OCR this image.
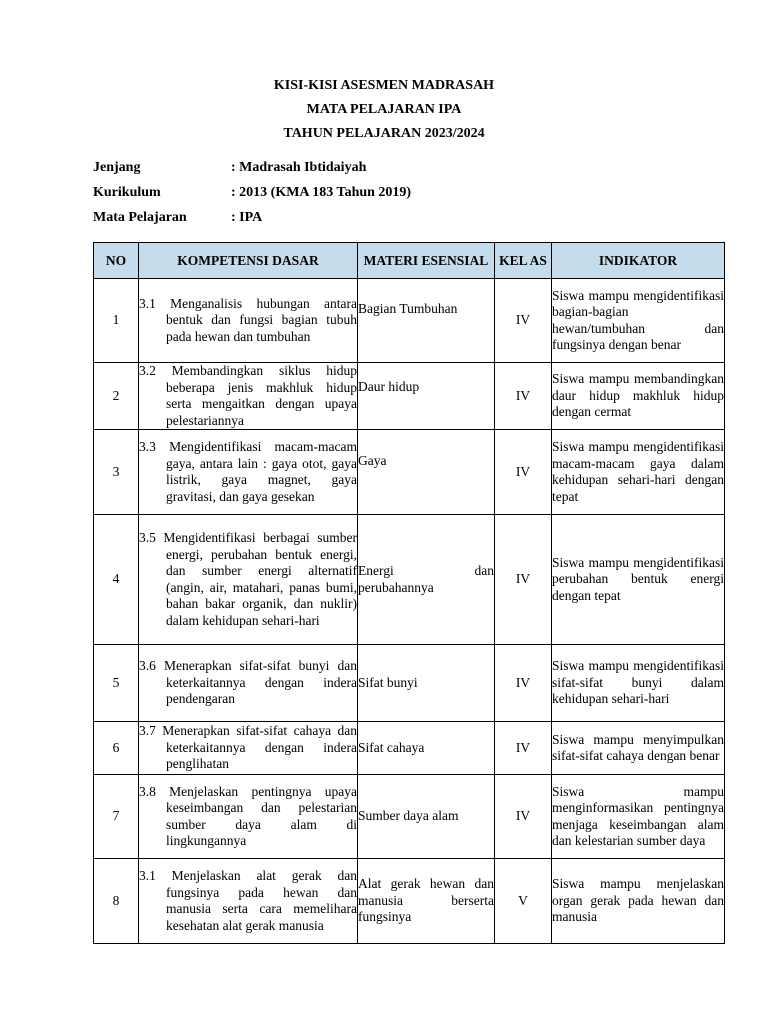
KISI-KISI ASESMEN MADRASAH
MATA PELAJARAN IPA
TAHUN PELAJARAN 2023/2024
Jenjang	: Madrasah Ibtidaiyah
Kurikulum	: 2013 (KMA 183 Tahun 2019)
Mata Pelajaran	: IPA
NO	KOMPETENSI DASAR	MATERI ESENSIAL	KEL AS	INDIKATOR
1	3.1 Menganalisis hubungan antara bentuk dan fungsi bagian tubuh pada hewan dan tumbuhan	Bagian Tumbuhan	IV	Siswa mampu mengidentifikasi bagian-bagian hewan/tumbuhan dan fungsinya dengan benar
2	3.2 Membandingkan siklus hidup beberapa jenis makhluk hidup serta mengaitkan dengan upaya pelestariannya	Daur hidup	IV	Siswa mampu membandingkan daur hidup makhluk hidup dengan cermat
3	3.3 Mengidentifikasi macam-macam gaya, antara lain : gaya otot, gaya listrik, gaya magnet, gaya gravitasi, dan gaya gesekan	Gaya	IV	Siswa mampu mengidentifikasi macam-macam gaya dalam kehidupan sehari-hari dengan tepat
4	3.5 Mengidentifikasi berbagai sumber energi, perubahan bentuk energi, dan sumber energi alternatif (angin, air, matahari, panas bumi, bahan bakar organik, dan nuklir) dalam kehidupan sehari-hari	Energi dan perubahannya	IV	Siswa mampu mengidentifikasi perubahan bentuk energi dengan tepat
5	3.6 Menerapkan sifat-sifat bunyi dan keterkaitannya dengan indera pendengaran	Sifat bunyi	IV	Siswa mampu mengidentifikasi sifat-sifat bunyi dalam kehidupan sehari-hari
6	3.7 Menerapkan sifat-sifat cahaya dan keterkaitannya dengan indera penglihatan	Sifat cahaya	IV	Siswa mampu menyimpulkan sifat-sifat cahaya dengan benar
7	3.8 Menjelaskan pentingnya upaya keseimbangan dan pelestarian sumber daya alam di lingkungannya	Sumber daya alam	IV	Siswa mampu menginformasikan pentingnya menjaga keseimbangan alam dan kelestarian sumber daya
8	3.1 Menjelaskan alat gerak dan fungsinya pada hewan dan manusia serta cara memelihara kesehatan alat gerak manusia	Alat gerak hewan dan manusia berserta fungsinya	V	Siswa mampu menjelaskan organ gerak pada hewan dan manusia
